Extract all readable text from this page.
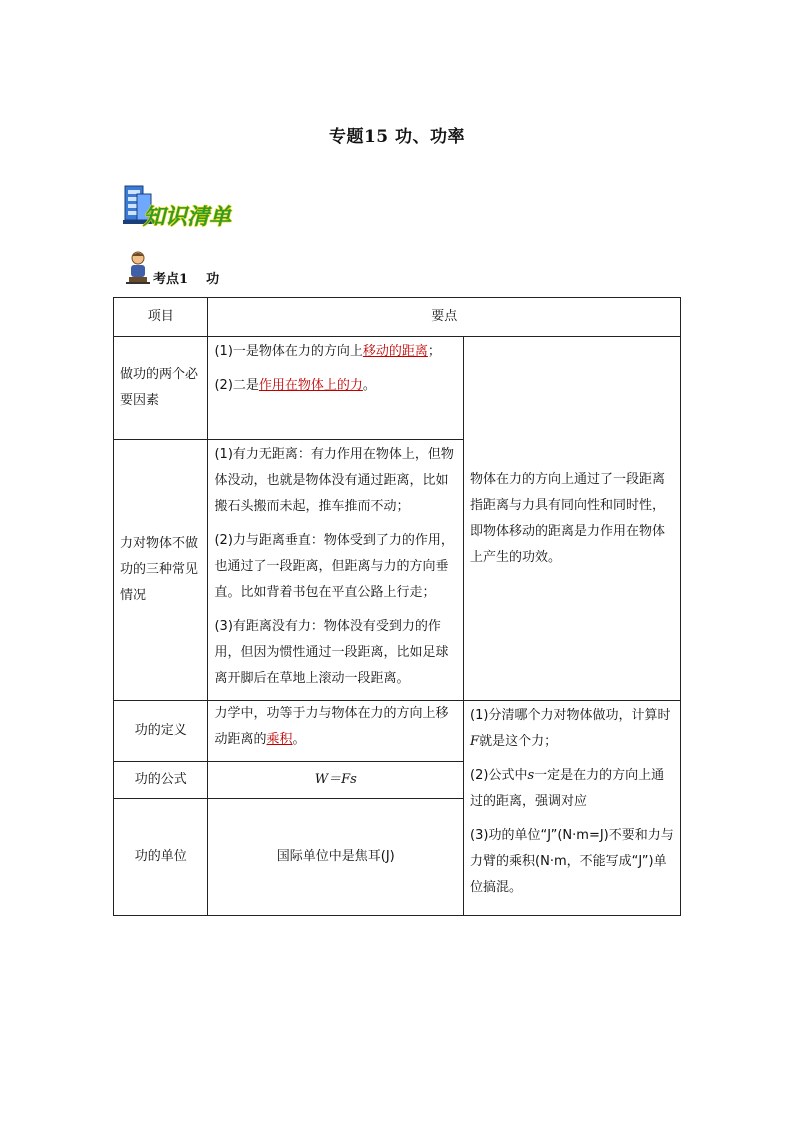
专题15 功、功率
知识清单
考点1 功
项目	要点	
做功的两个必要因素	(1)一是物体在力的方向上移动的距离；

(2)二是作用在物体上的力。	物体在力的方向上通过了一段距离指距离与力具有同向性和同时性，即物体移动的距离是力作用在物体上产生的功效。
力对物体不做功的三种常见情况	(1)有力无距离：有力作用在物体上，但物体没动，也就是物体没有通过距离，比如搬石头搬而未起，推车推而不动；

(2)力与距离垂直：物体受到了力的作用，也通过了一段距离，但距离与力的方向垂直。比如背着书包在平直公路上行走；

(3)有距离没有力：物体没有受到力的作用，但因为惯性通过一段距离，比如足球离开脚后在草地上滚动一段距离。	

功的定义	力学中，功等于力与物体在力的方向上移动距离的乘积。	(1)分清哪个力对物体做功，计算时F就是这个力；

(2)公式中s一定是在力的方向上通过的距离，强调对应

(3)功的单位“J”(N·m=J)不要和力与力臂的乘积(N·m，不能写成“J”)单位搞混。

功的公式	W＝Fs	
功的单位	国际单位中是焦耳(J)	
